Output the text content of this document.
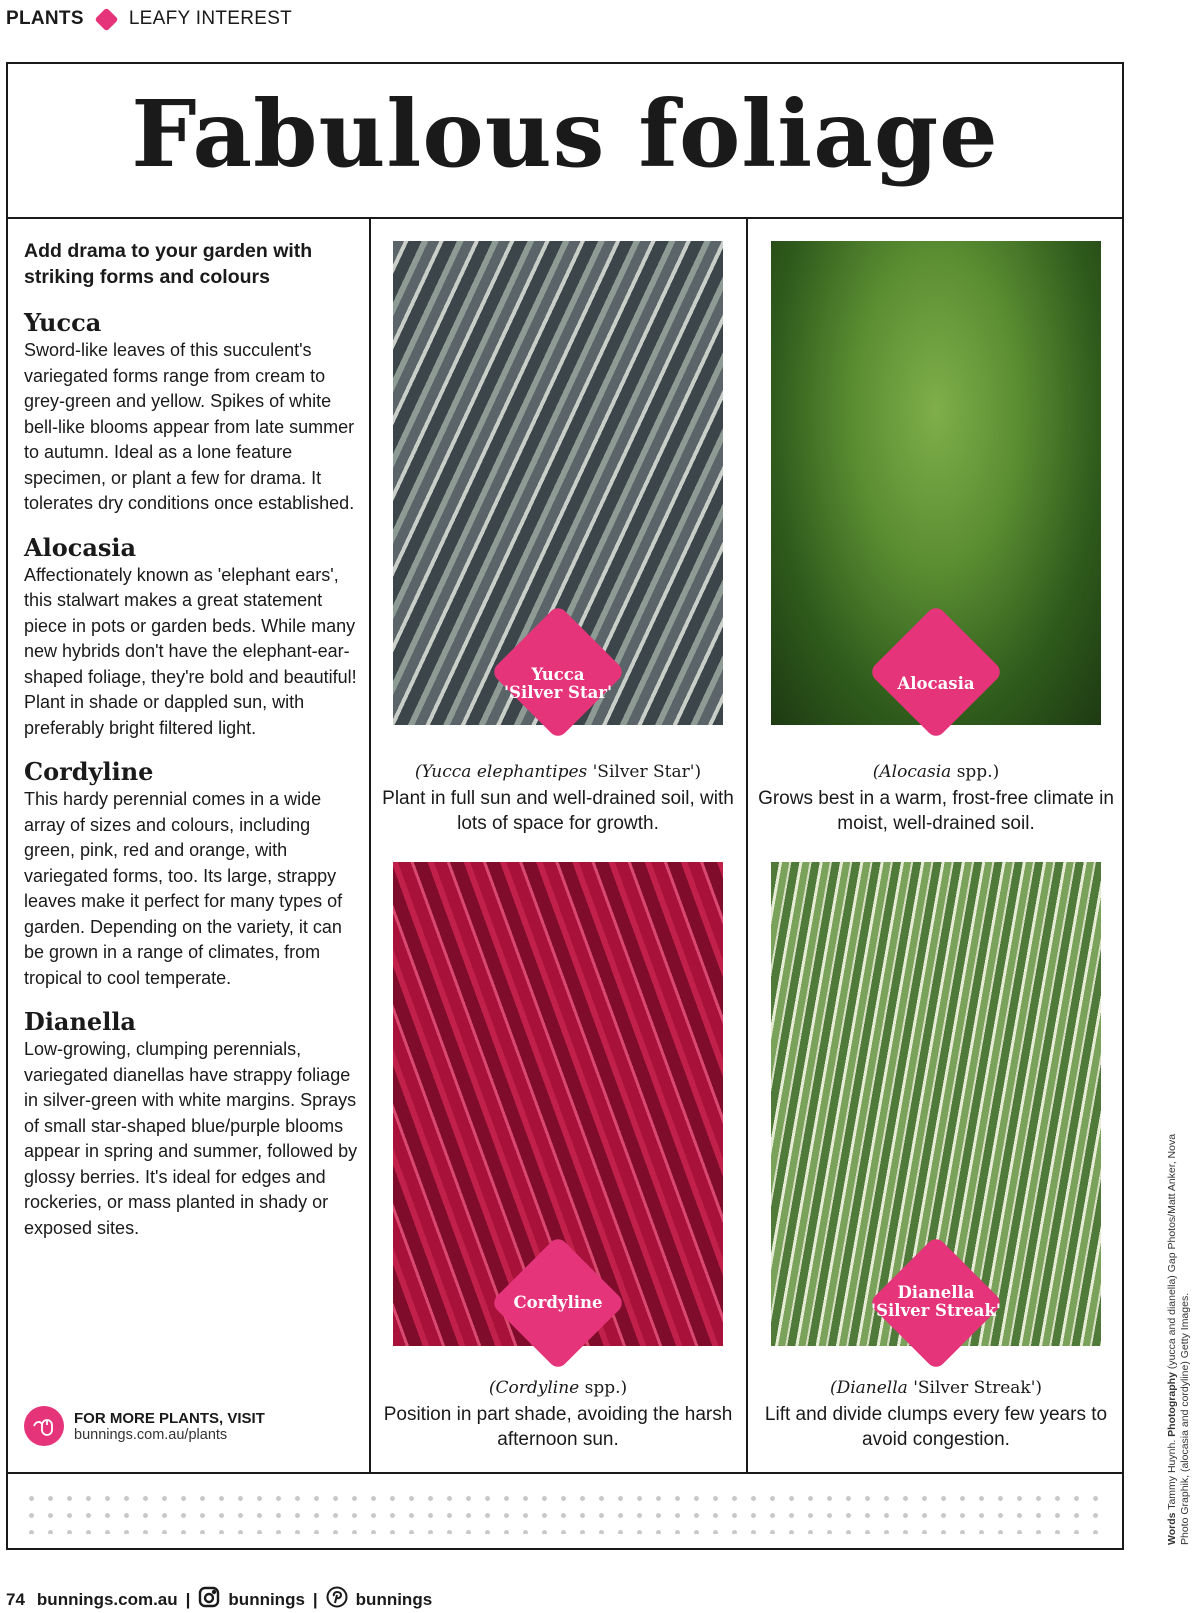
PLANTS LEAFY INTEREST
Fabulous foliage
Add drama to your garden with striking forms and colours
Yucca

Sword-like leaves of this succulent's variegated forms range from cream to grey-green and yellow. Spikes of white bell-like blooms appear from late summer to autumn. Ideal as a lone feature specimen, or plant a few for drama. It tolerates dry conditions once established.

Alocasia

Affectionately known as 'elephant ears', this stalwart makes a great statement piece in pots or garden beds. While many new hybrids don't have the elephant-ear-shaped foliage, they're bold and beautiful! Plant in shade or dappled sun, with preferably bright filtered light.

Cordyline

This hardy perennial comes in a wide array of sizes and colours, including green, pink, red and orange, with variegated forms, too. Its large, strappy leaves make it perfect for many types of garden. Depending on the variety, it can be grown in a range of climates, from tropical to cool temperate.

Dianella

Low-growing, clumping perennials, variegated dianellas have strappy foliage in silver-green with white margins. Sprays of small star-shaped blue/purple blooms appear in spring and summer, followed by glossy berries. It's ideal for edges and rockeries, or mass planted in shady or exposed sites.

Yucca
'Silver Star'	Alocasia
Cordyline
Dianella
'Silver Streak'
(Yucca elephantipes 'Silver Star')
Plant in full sun and well-drained soil, with lots of space for growth.
(Alocasia spp.)
Grows best in a warm, frost-free climate in moist, well-drained soil.
(Cordyline spp.)
Position in part shade, avoiding the harsh afternoon sun.
(Dianella 'Silver Streak')
Lift and divide clumps every few years to avoid congestion.
FOR MORE PLANTS, VISIT
bunnings.com.au/plants
74 bunnings.com.au | bunnings | bunnings
Words Tammy Huynh. Photography (yucca and dianella) Gap Photos/Matt Anker, Nova Photo Graphik, (alocasia and cordyline) Getty Images.
